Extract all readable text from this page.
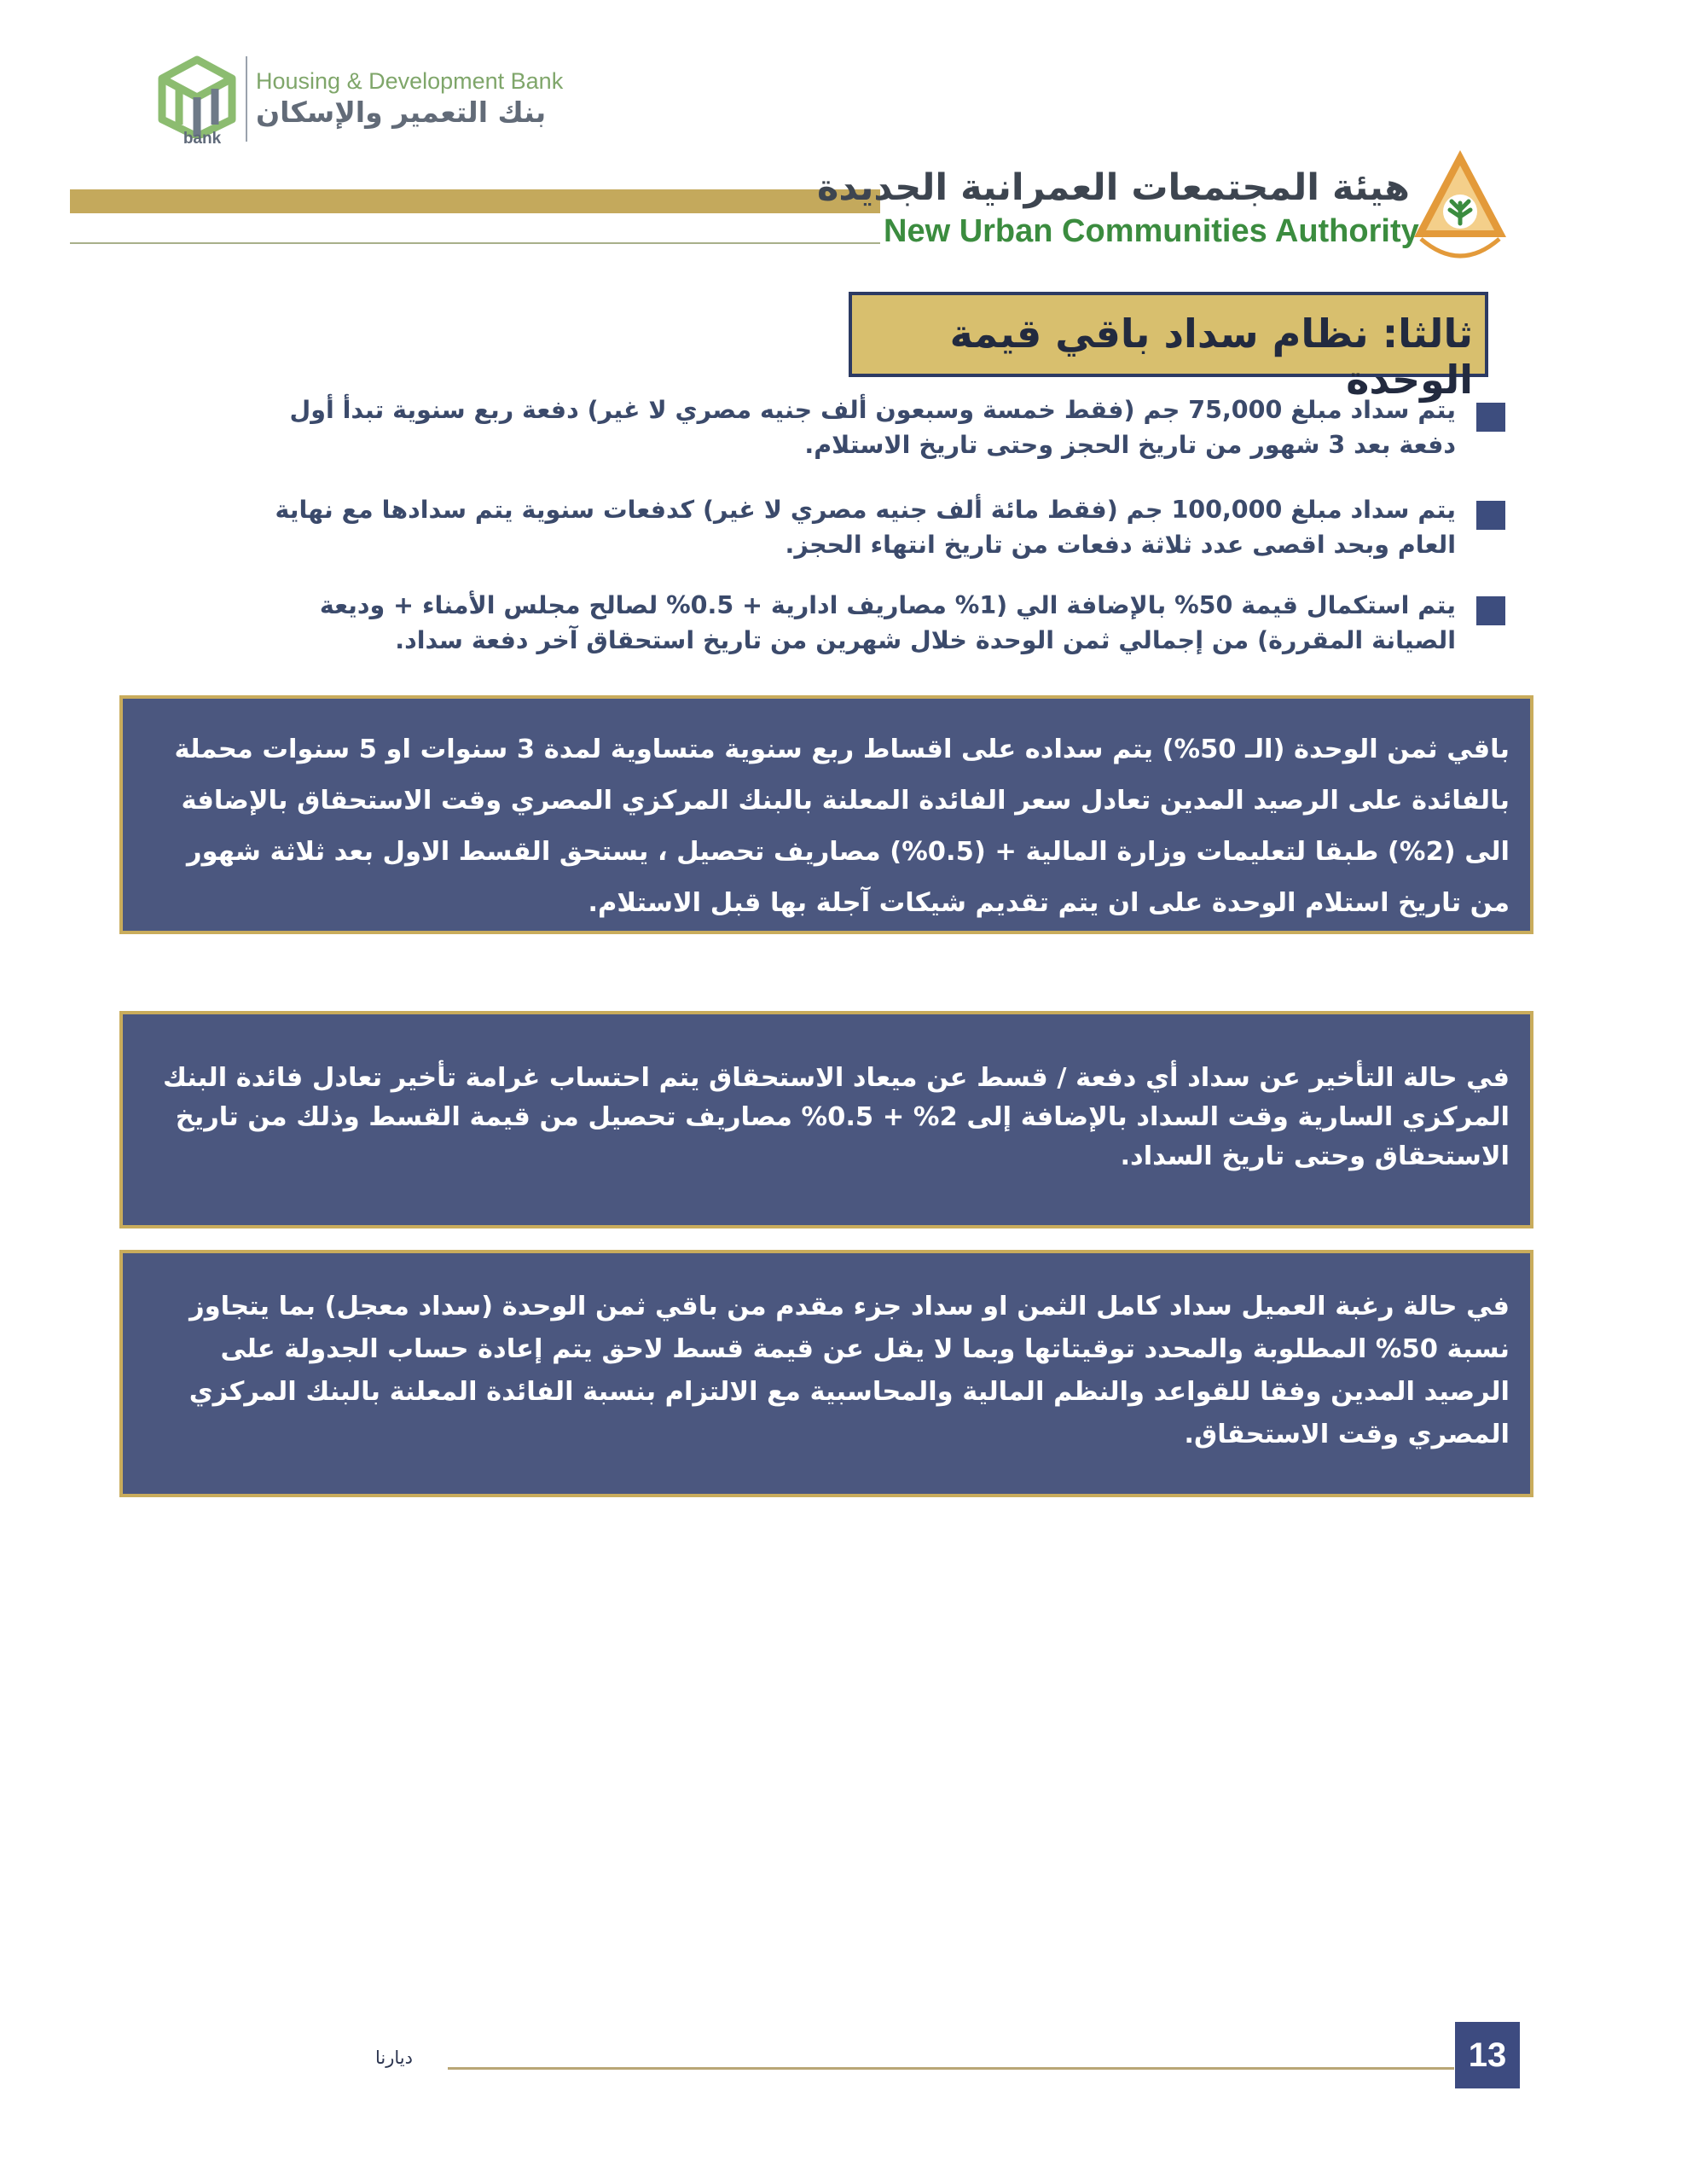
bank
Housing & Development Bank
بنك التعمير والإسكان
هيئة المجتمعات العمرانية الجديدة
New Urban Communities Authority
ثالثا: نظام سداد باقي قيمة الوحدة

يتم سداد مبلغ 75,000 جم (فقط خمسة وسبعون ألف جنيه مصري لا غير) دفعة ربع سنوية تبدأ أول دفعة بعد 3 شهور من تاريخ الحجز وحتى تاريخ الاستلام.

يتم سداد مبلغ 100,000 جم (فقط مائة ألف جنيه مصري لا غير) كدفعات سنوية يتم سدادها مع نهاية العام وبحد اقصى عدد ثلاثة دفعات من تاريخ انتهاء الحجز.

يتم استكمال قيمة 50% بالإضافة الي (1% مصاريف ادارية + 0.5% لصالح مجلس الأمناء + وديعة الصيانة المقررة) من إجمالي ثمن الوحدة خلال شهرين من تاريخ استحقاق آخر دفعة سداد.

باقي ثمن الوحدة (الـ 50%) يتم سداده على اقساط ربع سنوية متساوية لمدة 3 سنوات او 5 سنوات محملة بالفائدة على الرصيد المدين تعادل سعر الفائدة المعلنة بالبنك المركزي المصري وقت الاستحقاق بالإضافة الى (2%) طبقا لتعليمات وزارة المالية + (0.5%) مصاريف تحصيل ، يستحق القسط الاول بعد ثلاثة شهور من تاريخ استلام الوحدة على ان يتم تقديم شيكات آجلة بها قبل الاستلام.

في حالة التأخير عن سداد أي دفعة / قسط عن ميعاد الاستحقاق يتم احتساب غرامة تأخير تعادل فائدة البنك المركزي السارية وقت السداد بالإضافة إلى 2% + 0.5% مصاريف تحصيل من قيمة القسط وذلك من تاريخ الاستحقاق وحتى تاريخ السداد.

في حالة رغبة العميل سداد كامل الثمن او سداد جزء مقدم من باقي ثمن الوحدة (سداد معجل) بما يتجاوز نسبة 50% المطلوبة والمحدد توقيتاتها وبما لا يقل عن قيمة قسط لاحق يتم إعادة حساب الجدولة على الرصيد المدين وفقا للقواعد والنظم المالية والمحاسبية مع الالتزام بنسبة الفائدة المعلنة بالبنك المركزي المصري وقت الاستحقاق.

ديارنا	13
